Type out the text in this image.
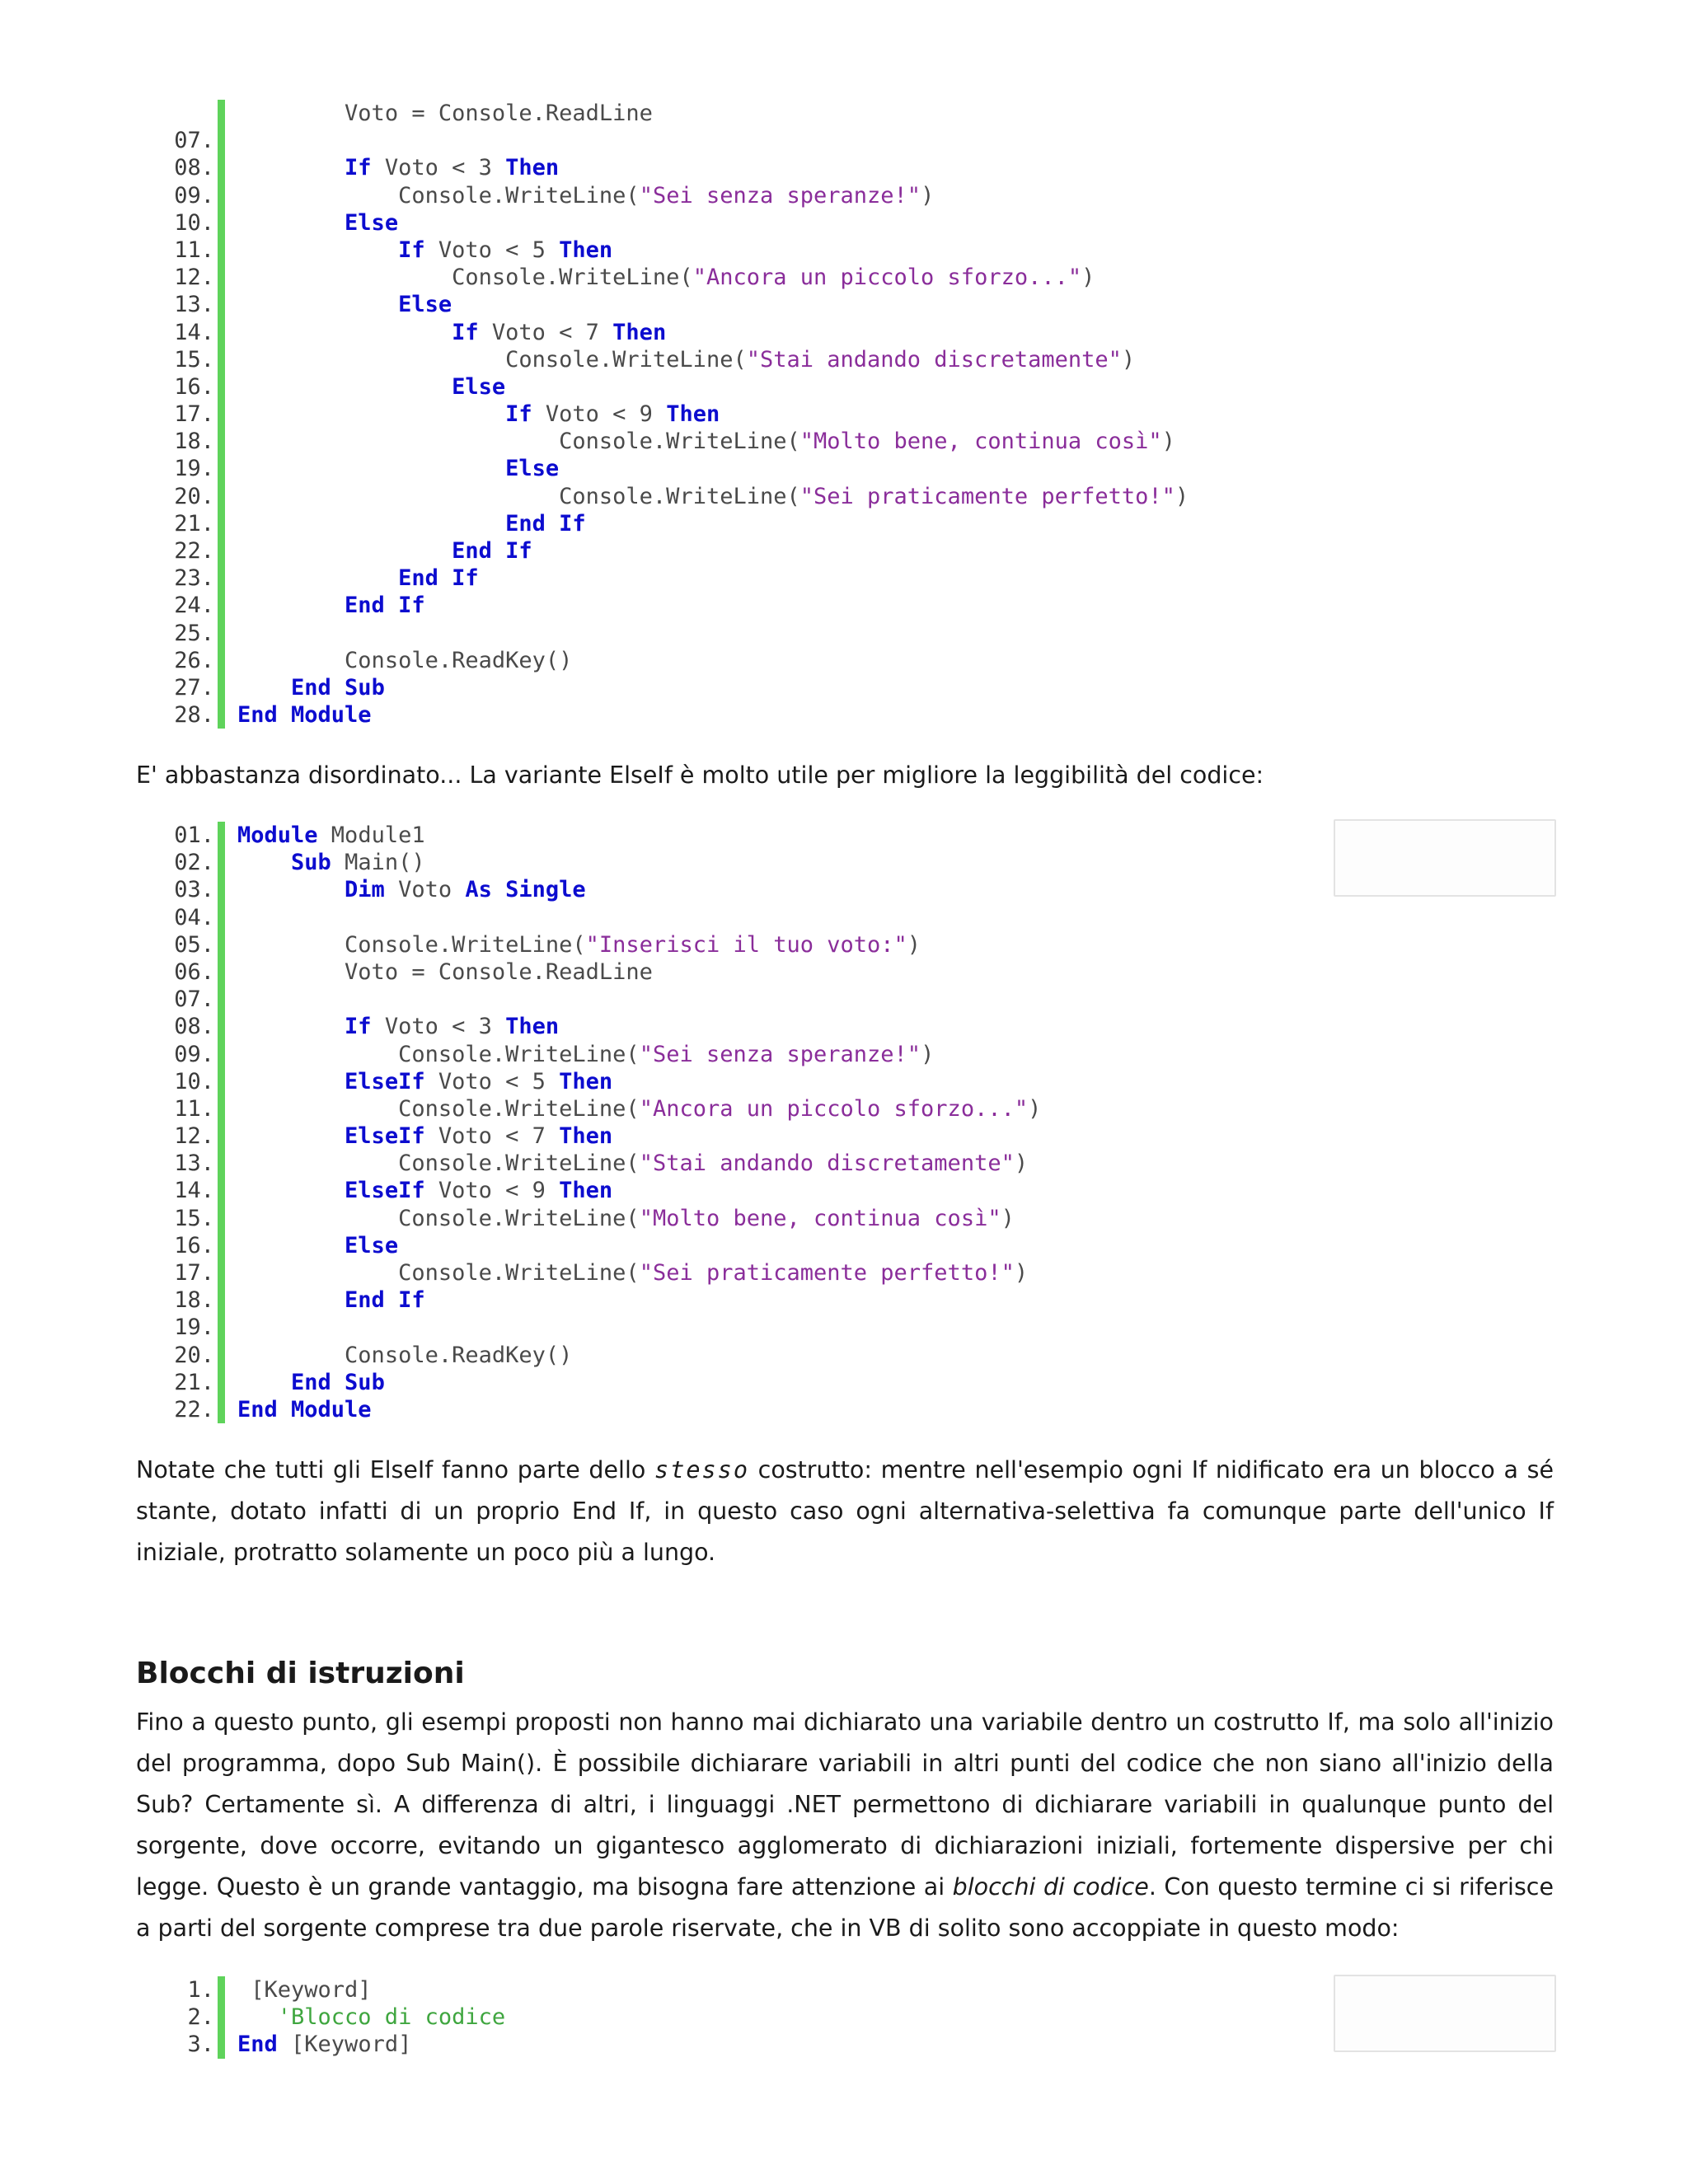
Voto = Console.ReadLine
07.
08.	If Voto < 3 Then
09.	Console.WriteLine("Sei senza speranze!")
10.	Else
11.	If Voto < 5 Then
12.	Console.WriteLine("Ancora un piccolo sforzo...")
13.	Else
14.	If Voto < 7 Then
15.	Console.WriteLine("Stai andando discretamente")
16.	Else
17.	If Voto < 9 Then
18.	Console.WriteLine("Molto bene, continua così")
19.	Else
20.	Console.WriteLine("Sei praticamente perfetto!")
21.	End If
22.	End If
23.	End If
24.	End If
25.
26.	Console.ReadKey()
27.	End Sub
28. End Module
E' abbastanza disordinato... La variante ElseIf è molto utile per migliore la leggibilità del codice:
01. Module Module1
02.	Sub Main()
03.	Dim Voto As Single
04.
05.	Console.WriteLine("Inserisci il tuo voto:")
06.	Voto = Console.ReadLine
07.
08.	If Voto < 3 Then
09.	Console.WriteLine("Sei senza speranze!")
10.	ElseIf Voto < 5 Then
11.	Console.WriteLine("Ancora un piccolo sforzo...")
12.	ElseIf Voto < 7 Then
13.	Console.WriteLine("Stai andando discretamente")
14.	ElseIf Voto < 9 Then
15.	Console.WriteLine("Molto bene, continua così")
16.	Else
17.	Console.WriteLine("Sei praticamente perfetto!")
18.	End If
19.
20.	Console.ReadKey()
21.	End Sub
22. End Module
Notate che tutti gli ElseIf fanno parte dello stesso costrutto: mentre nell'esempio ogni If nidificato era un blocco a sé stante, dotato infatti di un proprio End If, in questo caso ogni alternativa-selettiva fa comunque parte dell'unico If iniziale, protratto solamente un poco più a lungo.
Blocchi di istruzioni
Fino a questo punto, gli esempi proposti non hanno mai dichiarato una variabile dentro un costrutto If, ma solo all'inizio del programma, dopo Sub Main(). È possibile dichiarare variabili in altri punti del codice che non siano all'inizio della Sub? Certamente sì. A differenza di altri, i linguaggi .NET permettono di dichiarare variabili in qualunque punto del sorgente, dove occorre, evitando un gigantesco agglomerato di dichiarazioni iniziali, fortemente dispersive per chi legge. Questo è un grande vantaggio, ma bisogna fare attenzione ai blocchi di codice. Con questo termine ci si riferisce a parti del sorgente comprese tra due parole riservate, che in VB di solito sono accoppiate in questo modo:
1. [Keyword]
2. 'Blocco di codice
3. End [Keyword]
